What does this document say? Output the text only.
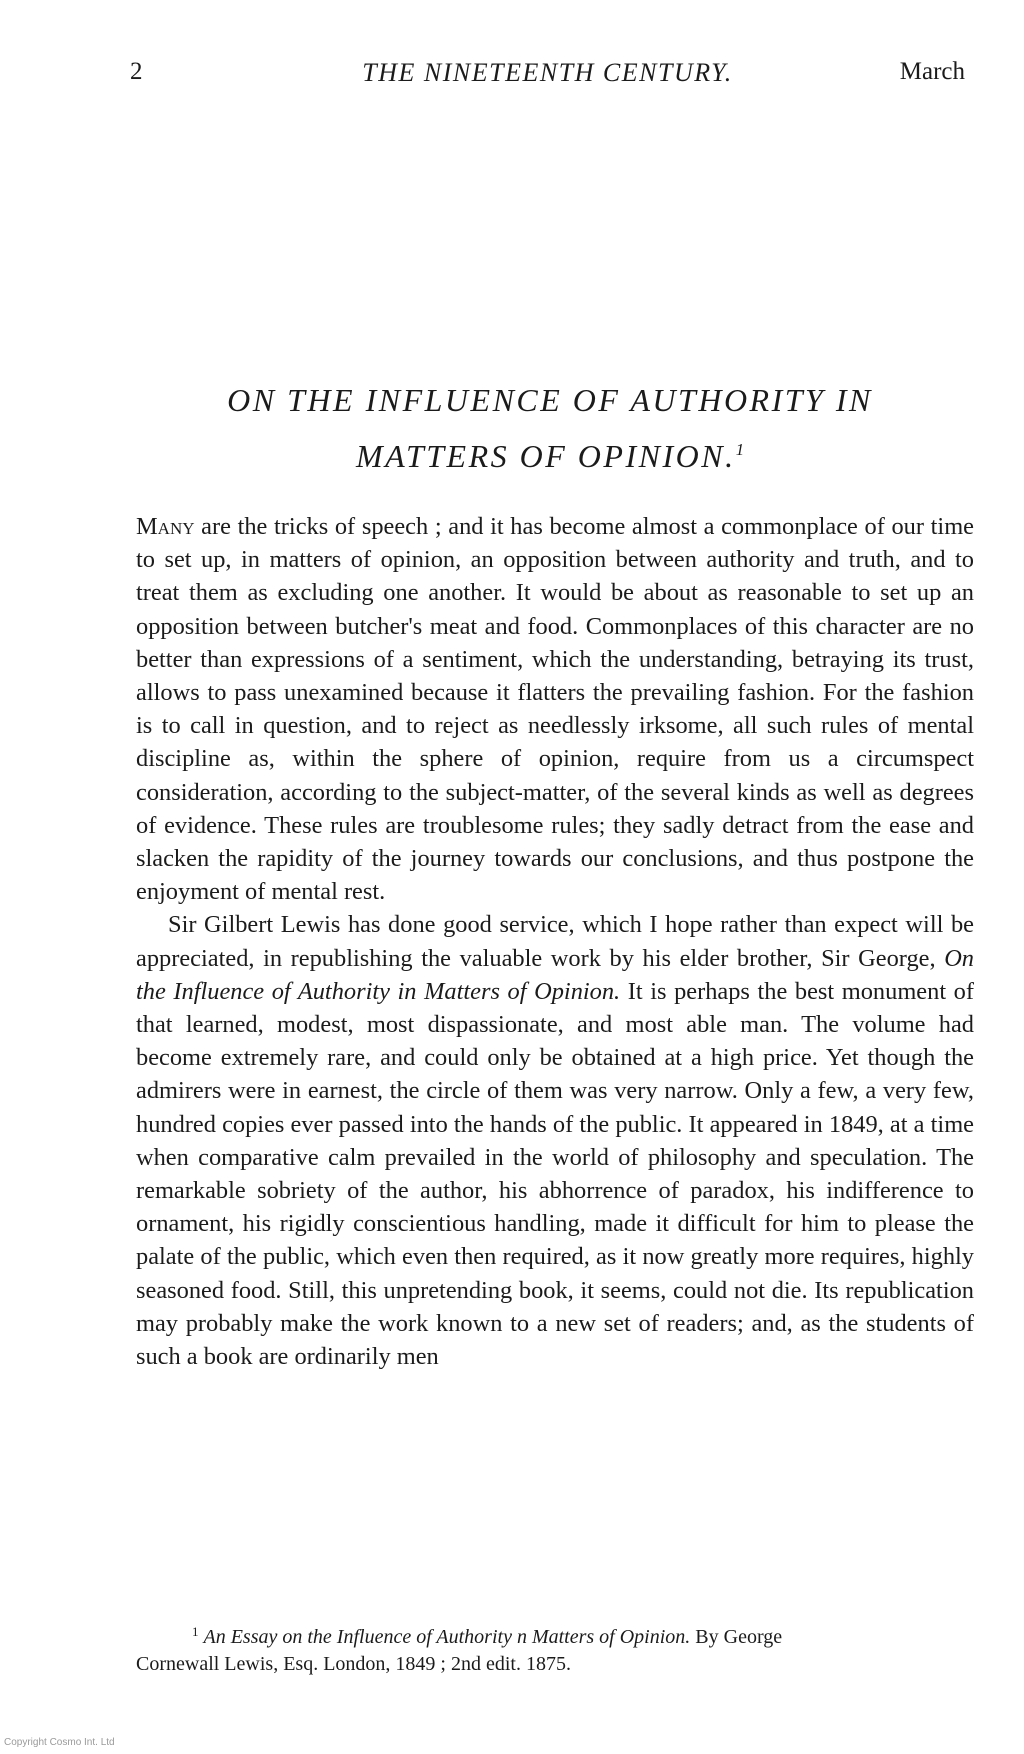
2	THE NINETEENTH CENTURY.	March
ON THE INFLUENCE OF AUTHORITY IN
MATTERS OF OPINION.$^1$

Many are the tricks of speech ; and it has become almost a commonplace of our time to set up, in matters of opinion, an opposition between authority and truth, and to treat them as excluding one another. It would be about as reasonable to set up an opposition between butcher's meat and food. Commonplaces of this character are no better than expressions of a sentiment, which the understanding, betraying its trust, allows to pass unexamined because it flatters the prevailing fashion. For the fashion is to call in question, and to reject as needlessly irksome, all such rules of mental discipline as, within the sphere of opinion, require from us a circumspect consideration, according to the subject-matter, of the several kinds as well as degrees of evidence. These rules are troublesome rules; they sadly detract from the ease and slacken the rapidity of the journey towards our conclusions, and thus postpone the enjoyment of mental rest.

Sir Gilbert Lewis has done good service, which I hope rather than expect will be appreciated, in republishing the valuable work by his elder brother, Sir George, On the Influence of Authority in Matters of Opinion. It is perhaps the best monument of that learned, modest, most dispassionate, and most able man. The volume had become extremely rare, and could only be obtained at a high price. Yet though the admirers were in earnest, the circle of them was very narrow. Only a few, a very few, hundred copies ever passed into the hands of the public. It appeared in 1849, at a time when comparative calm prevailed in the world of philosophy and speculation. The remarkable sobriety of the author, his abhorrence of paradox, his indifference to ornament, his rigidly conscientious handling, made it difficult for him to please the palate of the public, which even then required, as it now greatly more requires, highly seasoned food. Still, this unpretending book, it seems, could not die. Its republication may probably make the work known to a new set of readers; and, as the students of such a book are ordinarily men

$^1$ An Essay on the Influence of Authority n Matters of Opinion. By George
Cornewall Lewis, Esq. London, 1849 ; 2nd edit. 1875.
Copyright Cosmo Int. Ltd
